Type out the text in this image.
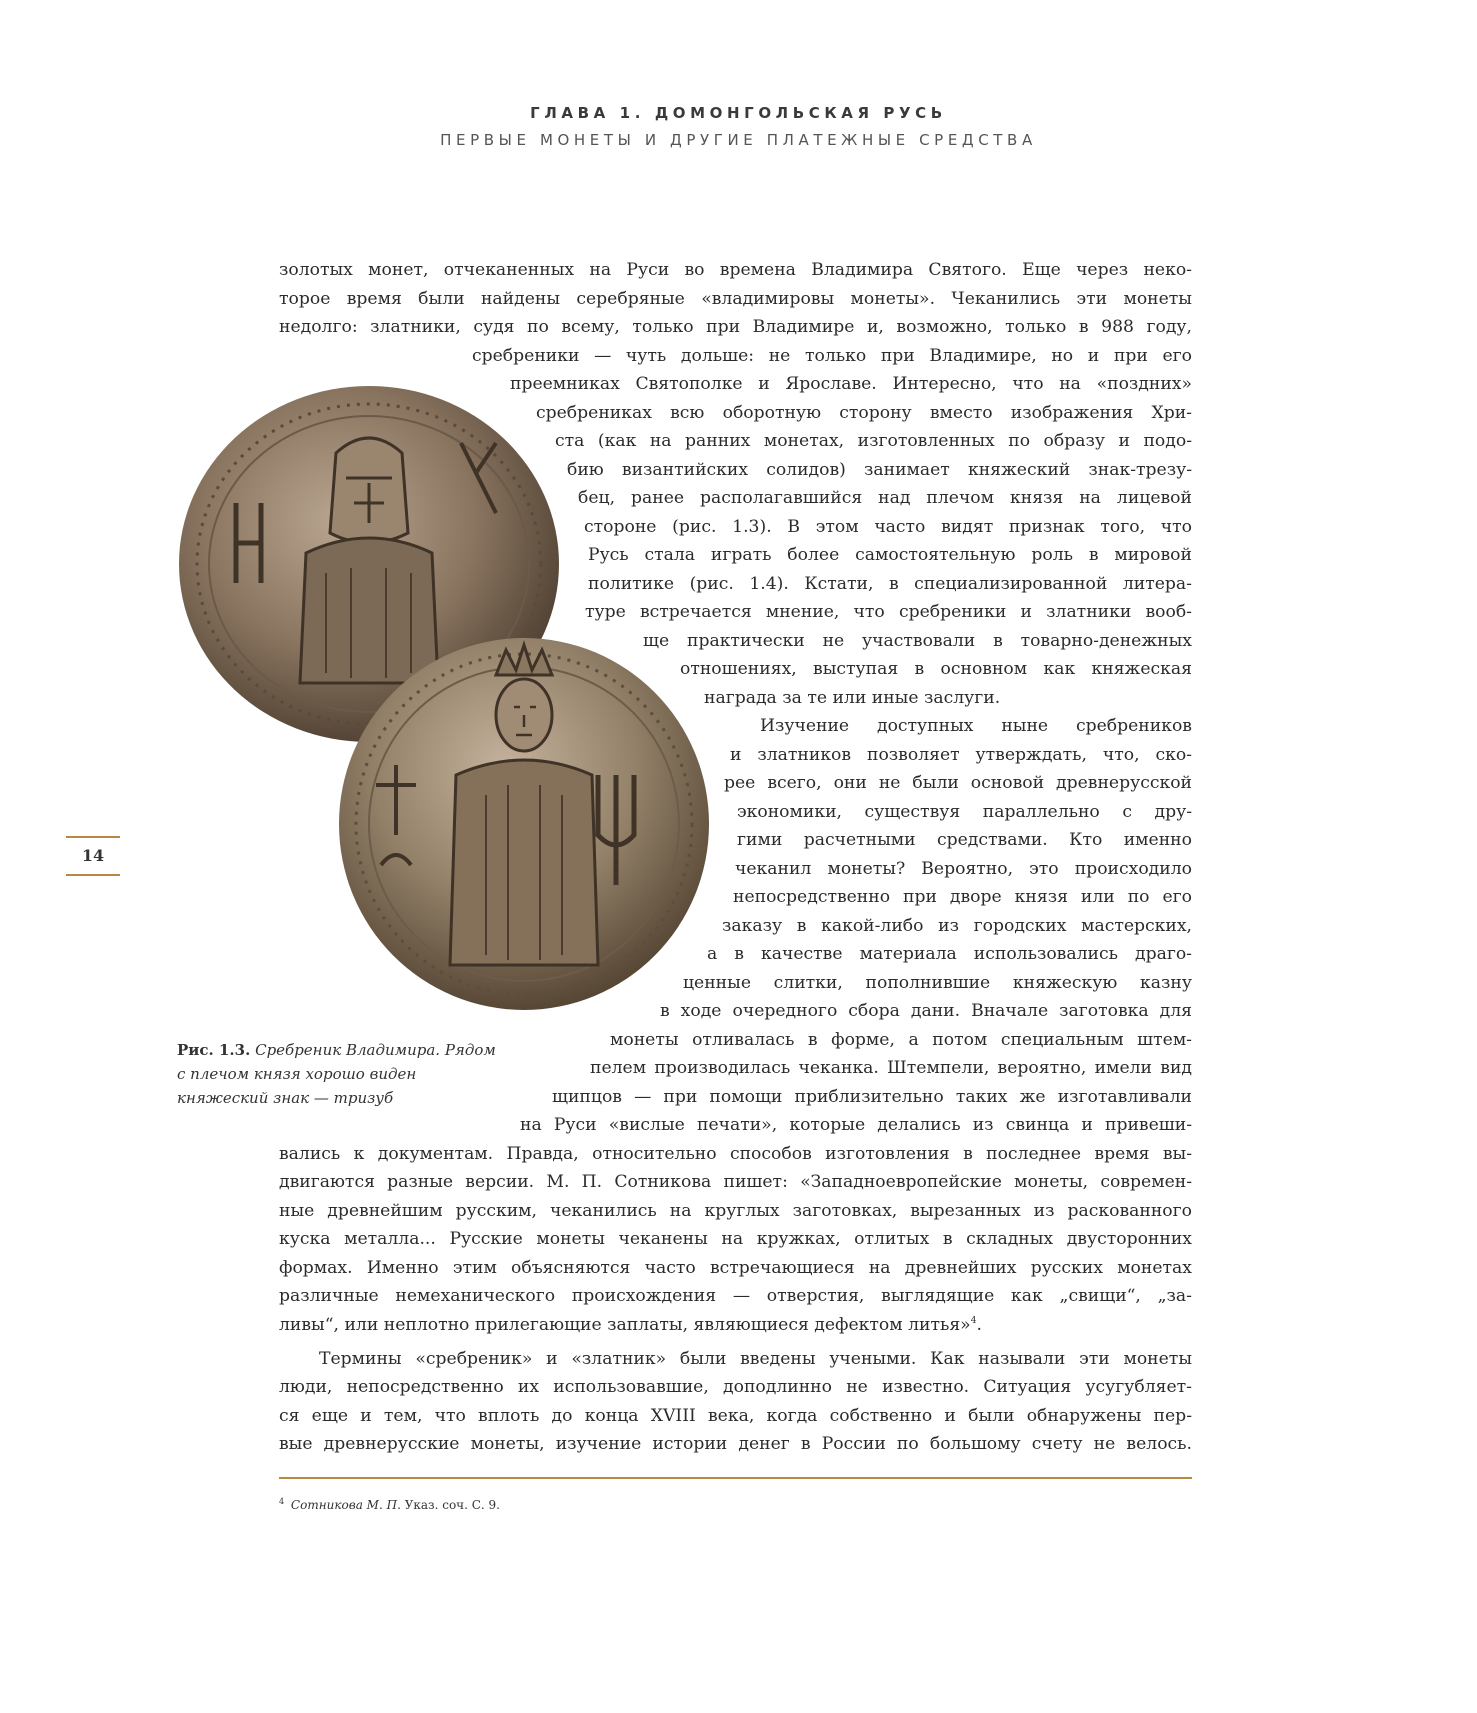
ГЛАВА 1. ДОМОНГОЛЬСКАЯ РУСЬ
ПЕРВЫЕ МОНЕТЫ И ДРУГИЕ ПЛАТЕЖНЫЕ СРЕДСТВА
золотых монет, отчеканенных на Руси во времена Владимира Святого. Еще через неко-
торое время были найдены серебряные «владимировы монеты». Чеканились эти монеты
недолго: златники, судя по всему, только при Владимире и, возможно, только в 988 году,
сребреники — чуть дольше: не только при Владимире, но и при его
преемниках Святополке и Ярославе. Интересно, что на «поздних»
сребрениках всю оборотную сторону вместо изображения Хри-
ста (как на ранних монетах, изготовленных по образу и подо-
бию византийских солидов) занимает княжеский знак-трезу-
бец, ранее располагавшийся над плечом князя на лицевой
стороне (рис. 1.3). В этом часто видят признак того, что
Русь стала играть более самостоятельную роль в мировой
политике (рис. 1.4). Кстати, в специализированной литера-
туре встречается мнение, что сребреники и златники вооб-
ще практически не участвовали в товарно-денежных
отношениях, выступая в основном как княжеская
награда за те или иные заслуги.
Изучение доступных ныне сребреников
и златников позволяет утверждать, что, ско-
рее всего, они не были основой древнерусской
экономики, существуя параллельно с дру-
гими расчетными средствами. Кто именно
чеканил монеты? Вероятно, это происходило
непосредственно при дворе князя или по его
заказу в какой-либо из городских мастерских,
а в качестве материала использовались драго-
ценные слитки, пополнившие княжескую казну
в ходе очередного сбора дани. Вначале заготовка для
монеты отливалась в форме, а потом специальным штем-
пелем производилась чеканка. Штемпели, вероятно, имели вид
щипцов — при помощи приблизительно таких же изготавливали
на Руси «вислые печати», которые делались из свинца и привеши-
вались к документам. Правда, относительно способов изготовления в последнее время вы-
двигаются разные версии. М. П. Сотникова пишет: «Западноевропейские монеты, современ-
ные древнейшим русским, чеканились на круглых заготовках, вырезанных из раскованного
куска металла... Русские монеты чеканены на кружках, отлитых в складных двусторонних
формах. Именно этим объясняются часто встречающиеся на древнейших русских монетах
различные немеханического происхождения — отверстия, выглядящие как „свищи“, „за-
ливы“, или неплотно прилегающие заплаты, являющиеся дефектом литья»$^4$.
Термины «сребреник» и «златник» были введены учеными. Как называли эти монеты
люди, непосредственно их использовавшие, доподлинно не известно. Ситуация усугубляет-
ся еще и тем, что вплоть до конца XVIII века, когда собственно и были обнаружены пер-
вые древнерусские монеты, изучение истории денег в России по большому счету не велось.
14
Рис. 1.3. Сребреник Владимира. Рядом с плечом князя хорошо виден княжеский знак — тризуб
$^4$ Сотникова М. П. Указ. соч. С. 9.
